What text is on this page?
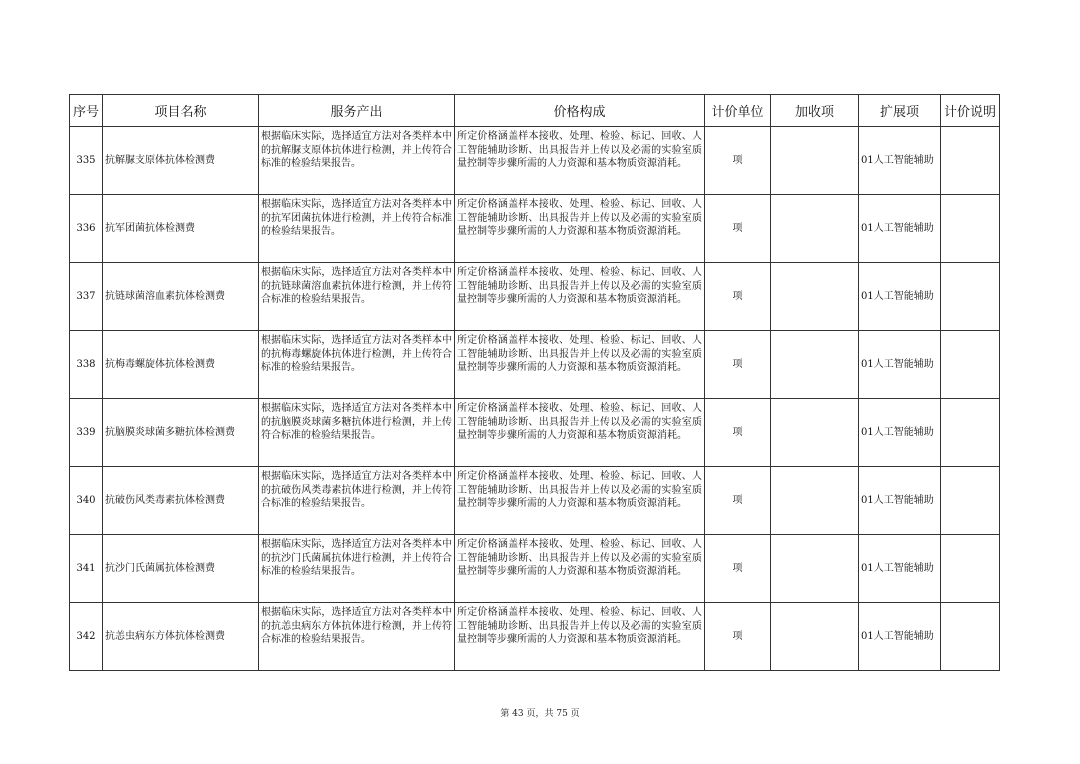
序号	项目名称	服务产出	价格构成	计价单位	加收项	扩展项	计价说明
335	抗解脲支原体抗体检测费	根据临床实际，选择适宜方法对各类样本中的抗解脲支原体抗体进行检测，并上传符合标准的检验结果报告。	所定价格涵盖样本接收、处理、检验、标记、回收、人工智能辅助诊断、出具报告并上传以及必需的实验室质量控制等步骤所需的人力资源和基本物质资源消耗。	项		01人工智能辅助	
336	抗军团菌抗体检测费	根据临床实际，选择适宜方法对各类样本中的抗军团菌抗体进行检测，并上传符合标准的检验结果报告。	所定价格涵盖样本接收、处理、检验、标记、回收、人工智能辅助诊断、出具报告并上传以及必需的实验室质量控制等步骤所需的人力资源和基本物质资源消耗。	项		01人工智能辅助	
337	抗链球菌溶血素抗体检测费	根据临床实际，选择适宜方法对各类样本中的抗链球菌溶血素抗体进行检测，并上传符合标准的检验结果报告。	所定价格涵盖样本接收、处理、检验、标记、回收、人工智能辅助诊断、出具报告并上传以及必需的实验室质量控制等步骤所需的人力资源和基本物质资源消耗。	项		01人工智能辅助	
338	抗梅毒螺旋体抗体检测费	根据临床实际，选择适宜方法对各类样本中的抗梅毒螺旋体抗体进行检测，并上传符合标准的检验结果报告。	所定价格涵盖样本接收、处理、检验、标记、回收、人工智能辅助诊断、出具报告并上传以及必需的实验室质量控制等步骤所需的人力资源和基本物质资源消耗。	项		01人工智能辅助	
339	抗脑膜炎球菌多糖抗体检测费	根据临床实际，选择适宜方法对各类样本中的抗脑膜炎球菌多糖抗体进行检测，并上传符合标准的检验结果报告。	所定价格涵盖样本接收、处理、检验、标记、回收、人工智能辅助诊断、出具报告并上传以及必需的实验室质量控制等步骤所需的人力资源和基本物质资源消耗。	项		01人工智能辅助	
340	抗破伤风类毒素抗体检测费	根据临床实际，选择适宜方法对各类样本中的抗破伤风类毒素抗体进行检测，并上传符合标准的检验结果报告。	所定价格涵盖样本接收、处理、检验、标记、回收、人工智能辅助诊断、出具报告并上传以及必需的实验室质量控制等步骤所需的人力资源和基本物质资源消耗。	项		01人工智能辅助	
341	抗沙门氏菌属抗体检测费	根据临床实际，选择适宜方法对各类样本中的抗沙门氏菌属抗体进行检测，并上传符合标准的检验结果报告。	所定价格涵盖样本接收、处理、检验、标记、回收、人工智能辅助诊断、出具报告并上传以及必需的实验室质量控制等步骤所需的人力资源和基本物质资源消耗。	项		01人工智能辅助	
342	抗恙虫病东方体抗体检测费	根据临床实际，选择适宜方法对各类样本中的抗恙虫病东方体抗体进行检测，并上传符合标准的检验结果报告。	所定价格涵盖样本接收、处理、检验、标记、回收、人工智能辅助诊断、出具报告并上传以及必需的实验室质量控制等步骤所需的人力资源和基本物质资源消耗。	项		01人工智能辅助	
第 43 页，共 75 页
